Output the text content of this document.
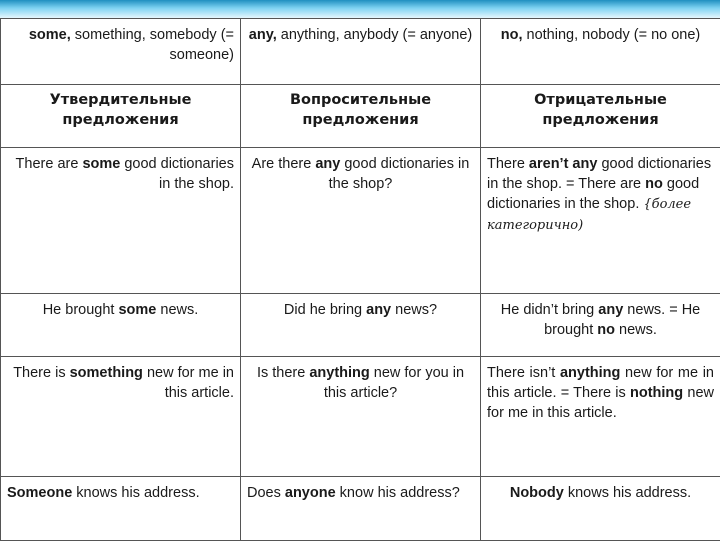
some, something, somebody (= someone)	any, anything, anybody (= anyone)	no, nothing, nobody (= no one)
Утвердительные предложения	Вопросительные предложения	Отрицательные предложения
There are some good dictionaries in the shop.	Are there any good dictionaries in the shop?	There aren’t any good dictionaries in the shop. = There are no good dictionaries in the shop. {более категорично)
He brought some news.	Did he bring any news?	He didn’t bring any news. = He brought no news.
There is something new for me in this article.	Is there anything new for you in this article?	There isn’t anything new for me in this article. = There is nothing new for me in this article.
Someone knows his address.	Does anyone know his address?	Nobody knows his address.
